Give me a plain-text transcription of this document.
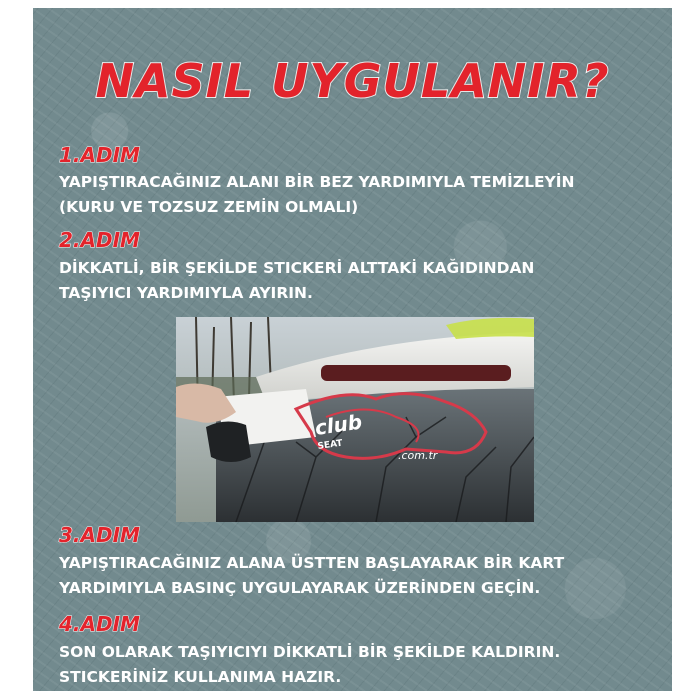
NASIL UYGULANIR?
1.ADIM
YAPIŞTIRACAĞINIZ ALANI BİR BEZ YARDIMIYLA TEMİZLEYİN
(KURU VE TOZSUZ ZEMİN OLMALI)
2.ADIM
DİKKATLİ, BİR ŞEKİLDE STICKERİ ALTTAKİ KAĞIDINDAN
TAŞIYICI YARDIMIYLA AYIRIN.
club
SEAT
.com.tr
3.ADIM
YAPIŞTIRACAĞINIZ ALANA ÜSTTEN BAŞLAYARAK BİR KART
YARDIMIYLA BASINÇ UYGULAYARAK ÜZERİNDEN GEÇİN.
4.ADIM
SON OLARAK TAŞIYICIYI DİKKATLİ BİR ŞEKİLDE KALDIRIN.
STICKERİNİZ KULLANIMA HAZIR.
